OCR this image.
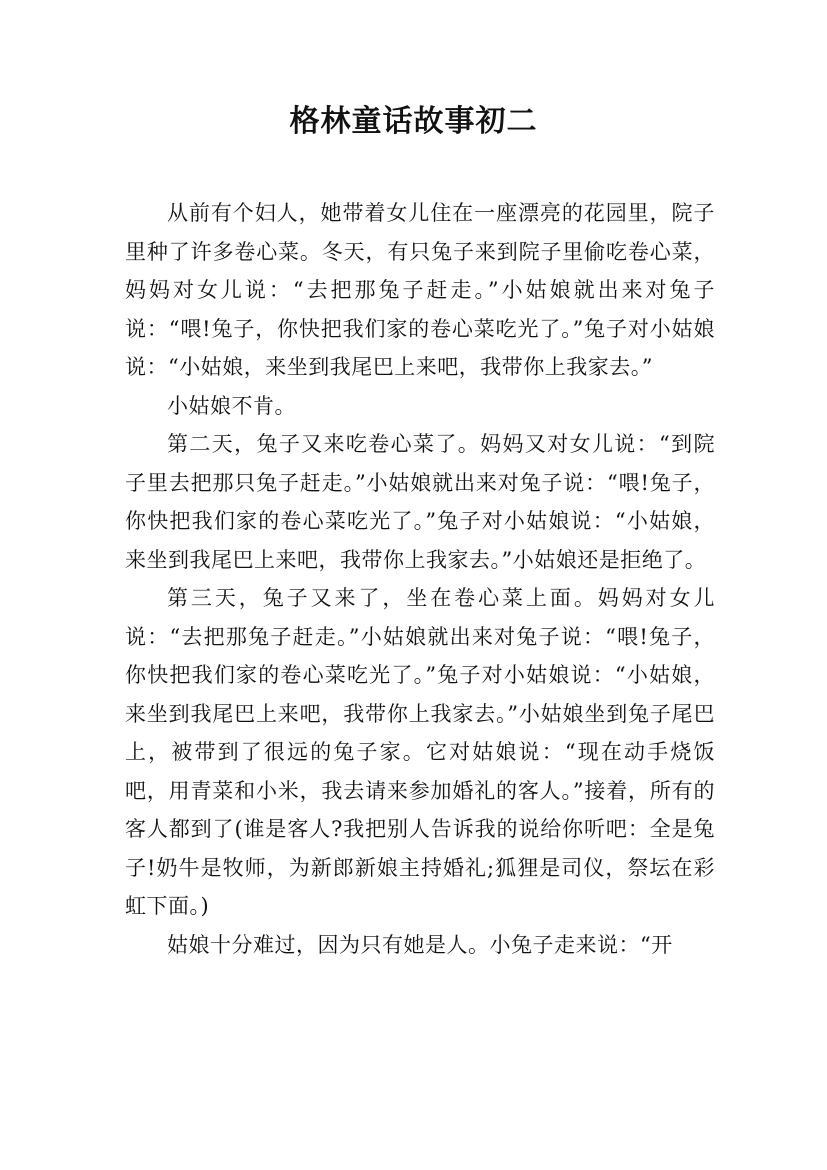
格林童话故事初二

从前有个妇人，她带着女儿住在一座漂亮的花园里，院子里种了许多卷心菜。冬天，有只兔子来到院子里偷吃卷心菜，妈妈对女儿说：“去把那兔子赶走。”小姑娘就出来对兔子说：“喂!兔子，你快把我们家的卷心菜吃光了。”兔子对小姑娘说：“小姑娘，来坐到我尾巴上来吧，我带你上我家去。”

小姑娘不肯。

第二天，兔子又来吃卷心菜了。妈妈又对女儿说：“到院子里去把那只兔子赶走。”小姑娘就出来对兔子说：“喂!兔子，你快把我们家的卷心菜吃光了。”兔子对小姑娘说：“小姑娘，来坐到我尾巴上来吧，我带你上我家去。”小姑娘还是拒绝了。

第三天，兔子又来了，坐在卷心菜上面。妈妈对女儿说：“去把那兔子赶走。”小姑娘就出来对兔子说：“喂!兔子，你快把我们家的卷心菜吃光了。”兔子对小姑娘说：“小姑娘，来坐到我尾巴上来吧，我带你上我家去。”小姑娘坐到兔子尾巴上，被带到了很远的兔子家。它对姑娘说：“现在动手烧饭吧，用青菜和小米，我去请来参加婚礼的客人。”接着，所有的客人都到了(谁是客人?我把别人告诉我的说给你听吧：全是兔子!奶牛是牧师，为新郎新娘主持婚礼;狐狸是司仪，祭坛在彩虹下面。)

姑娘十分难过，因为只有她是人。小兔子走来说：“开
